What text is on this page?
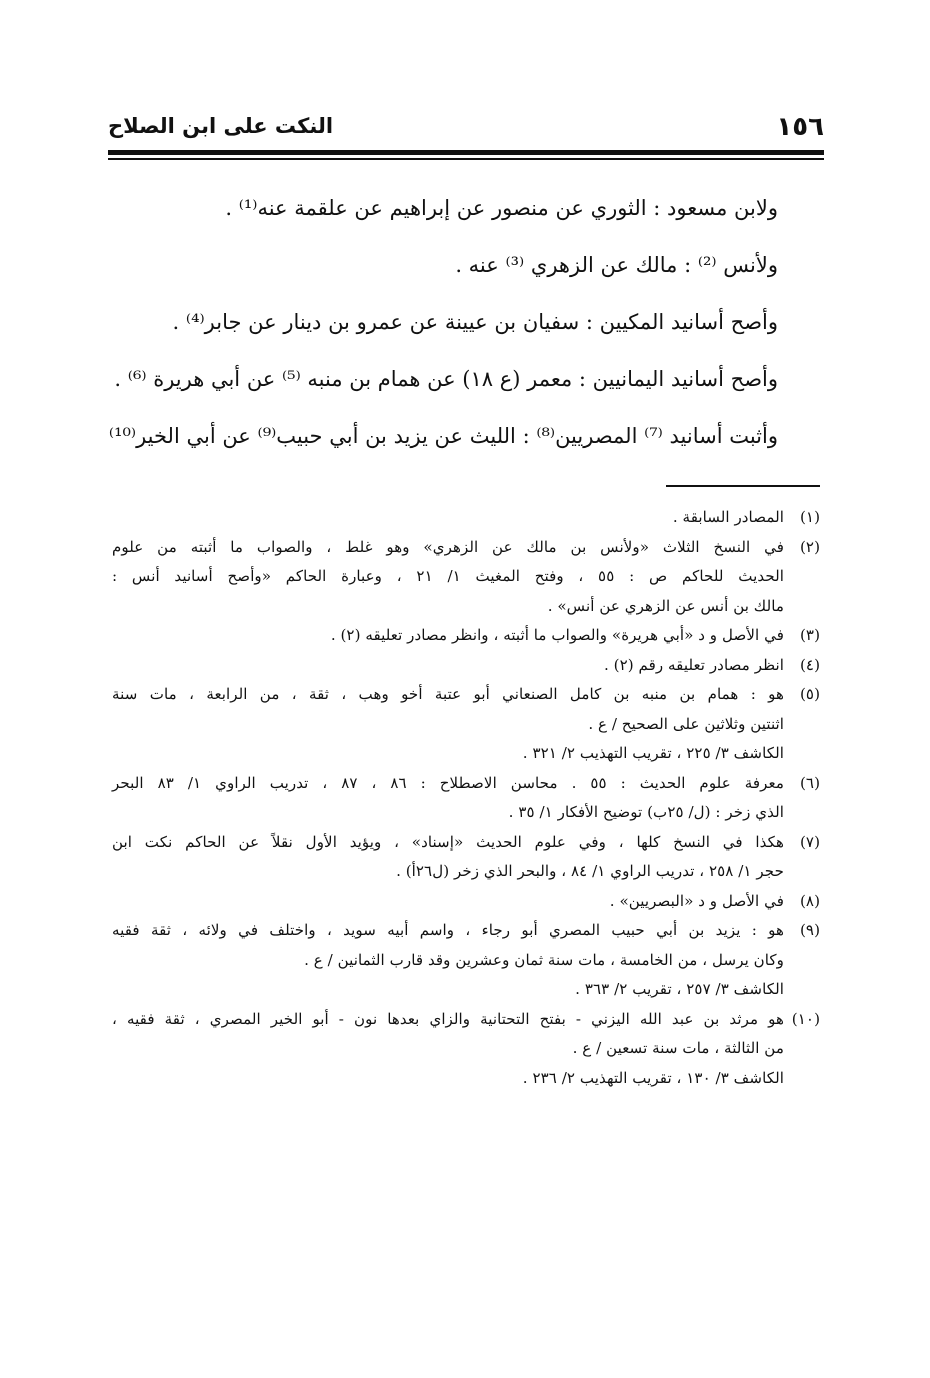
١٥٦
النكت على ابن الصلاح
ولابن مسعود : الثوري عن منصور عن إبراهيم عن علقمة عنه⁽¹⁾ .
ولأنس ⁽²⁾ : مالك عن الزهري ⁽³⁾ عنه .
وأصح أسانيد المكيين : سفيان بن عيينة عن عمرو بن دينار عن جابر⁽⁴⁾ .
وأصح أسانيد اليمانيين : معمر (ع ١٨) عن همام بن منبه ⁽⁵⁾ عن أبي هريرة ⁽⁶⁾ .
وأثبت أسانيد ⁽⁷⁾ المصريين⁽⁸⁾ : الليث عن يزيد بن أبي حبيب⁽⁹⁾ عن أبي الخير⁽¹⁰⁾
(١)
المصادر السابقة .
(٢)
في النسخ الثلاث «ولأنس بن مالك عن الزهري» وهو غلط ، والصواب ما أثبته من علوم
الحديث للحاكم ص : ٥٥ ، وفتح المغيث ١/ ٢١ ، وعبارة الحاكم «وأصح أسانيد أنس :
مالك بن أنس عن الزهري عن أنس» .
(٣)
في الأصل و د «أبي هريرة» والصواب ما أثبته ، وانظر مصادر تعليقه (٢) .
(٤)
انظر مصادر تعليقه رقم (٢) .
(٥)
هو : همام بن منبه بن كامل الصنعاني أبو عتبة أخو وهب ، ثقة ، من الرابعة ، مات سنة
اثنتين وثلاثين على الصحيح / ع .
الكاشف ٣/ ٢٢٥ ، تقريب التهذيب ٢/ ٣٢١ .
(٦)
معرفة علوم الحديث : ٥٥ . محاسن الاصطلاح : ٨٦ ، ٨٧ ، تدريب الراوي ١/ ٨٣ البحر
الذي زخر : (ل/ ٢٥ب) توضيح الأفكار ١/ ٣٥ .
(٧)
هكذا في النسخ كلها ، وفي علوم الحديث «إسناد» ، ويؤيد الأول نقلاً عن الحاكم نكت ابن
حجر ١/ ٢٥٨ ، تدريب الراوي ١/ ٨٤ ، والبحر الذي زخر (ل٢٦أ) .
(٨)
في الأصل و د «البصريين» .
(٩)
هو : يزيد بن أبي حبيب المصري أبو رجاء ، واسم أبيه سويد ، واختلف في ولائه ، ثقة فقيه
وكان يرسل ، من الخامسة ، مات سنة ثمان وعشرين وقد قارب الثمانين / ع .
الكاشف ٣/ ٢٥٧ ، تقريب ٢/ ٣٦٣ .
(١٠)
هو مرثد بن عبد الله اليزني - بفتح التحتانية والزاي بعدها نون - أبو الخير المصري ، ثقة فقيه ،
من الثالثة ، مات سنة تسعين / ع .
الكاشف ٣/ ١٣٠ ، تقريب التهذيب ٢/ ٢٣٦ .
